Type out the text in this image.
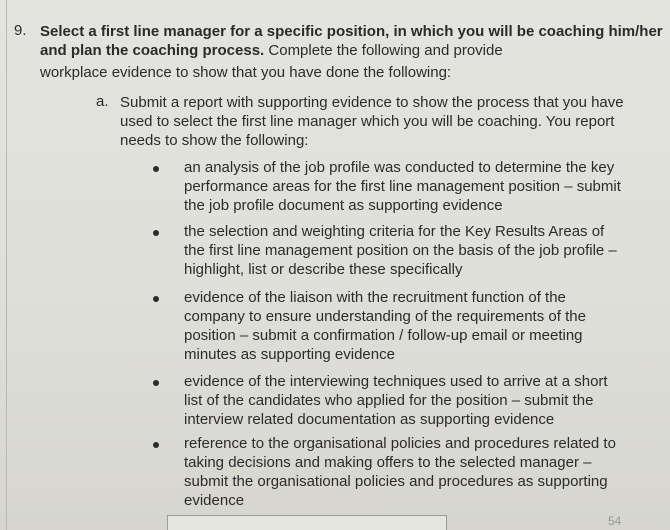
9. Select a first line manager for a specific position, in which you will be coaching him/her and plan the coaching process. Complete the following and provide
workplace evidence to show that you have done the following:
a. Submit a report with supporting evidence to show the process that you have
used to select the first line manager which you will be coaching. You report
needs to show the following:
an analysis of the job profile was conducted to determine the key
performance areas for the first line management position – submit
the job profile document as supporting evidence
the selection and weighting criteria for the Key Results Areas of
the first line management position on the basis of the job profile –
highlight, list or describe these specifically
evidence of the liaison with the recruitment function of the
company to ensure understanding of the requirements of the
position – submit a confirmation / follow-up email or meeting
minutes as supporting evidence
evidence of the interviewing techniques used to arrive at a short
list of the candidates who applied for the position – submit the
interview related documentation as supporting evidence
reference to the organisational policies and procedures related to
taking decisions and making offers to the selected manager –
submit the organisational policies and procedures as supporting
evidence
54
